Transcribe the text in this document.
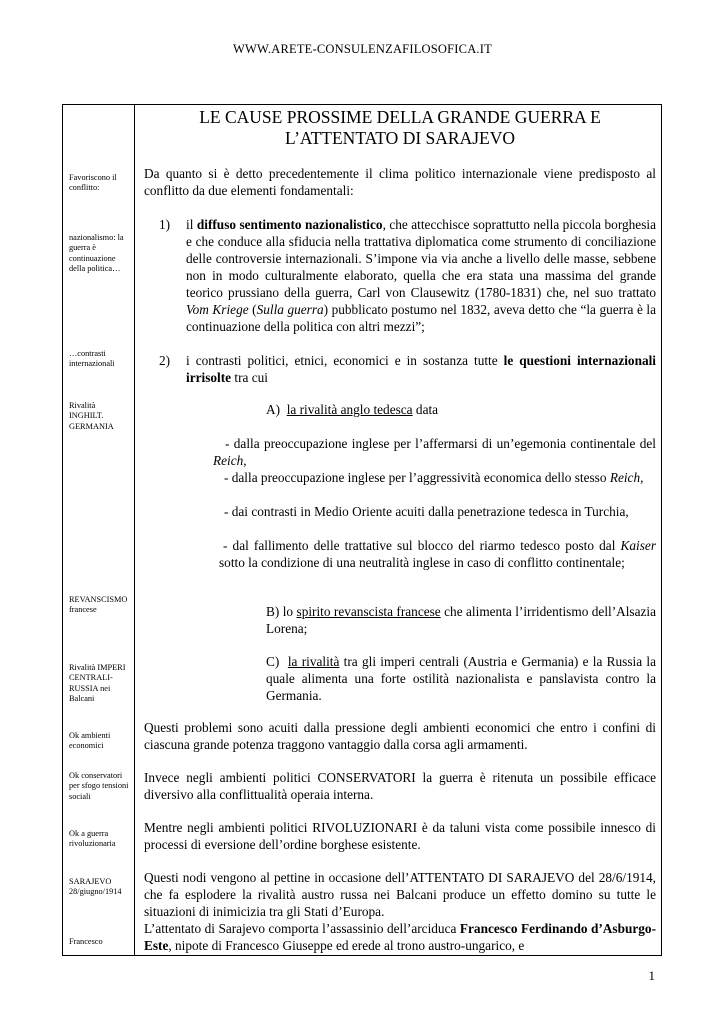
WWW.ARETE-CONSULENZAFILOSOFICA.IT
Favoriscono il conflitto:
nazionalismo: la guerra è continuazione della politica…
…contrasti internazionali
Rivalità INGHILT. GERMANIA
REVANSCISMO francese
Rivalità IMPERI CENTRALI-RUSSIA nei Balcani
Ok ambienti economici
Ok conservatori per sfogo tensioni sociali
Ok a guerra rivoluzionaria
SARAJEVO 28/giugno/1914
Francesco
LE CAUSE PROSSIME DELLA GRANDE GUERRA E
L’ATTENTATO DI SARAJEVO
Da quanto si è detto precedentemente il clima politico internazionale viene predisposto al conflitto da due elementi fondamentali:
1) il diffuso sentimento nazionalistico, che attecchisce soprattutto nella piccola borghesia e che conduce alla sfiducia nella trattativa diplomatica come strumento di conciliazione delle controversie internazionali. S’impone via via anche a livello delle masse, sebbene non in modo culturalmente elaborato, quella che era stata una massima del grande teorico prussiano della guerra, Carl von Clausewitz (1780-1831) che, nel suo trattato Vom Kriege (Sulla guerra) pubblicato postumo nel 1832, aveva detto che “la guerra è la continuazione della politica con altri mezzi”;
2) i contrasti politici, etnici, economici e in sostanza tutte le questioni internazionali irrisolte tra cui
A) la rivalità anglo tedesca data
- dalla preoccupazione inglese per l’affermarsi di un’egemonia continentale del Reich,
- dalla preoccupazione inglese per l’aggressività economica dello stesso Reich,
- dai contrasti in Medio Oriente acuiti dalla penetrazione tedesca in Turchia,
- dal fallimento delle trattative sul blocco del riarmo tedesco posto dal Kaiser sotto la condizione di una neutralità inglese in caso di conflitto continentale;
B) lo spirito revanscista francese che alimenta l’irridentismo dell’Alsazia Lorena;
C) la rivalità tra gli imperi centrali (Austria e Germania) e la Russia la quale alimenta una forte ostilità nazionalista e panslavista contro la Germania.
Questi problemi sono acuiti dalla pressione degli ambienti economici che entro i confini di ciascuna grande potenza traggono vantaggio dalla corsa agli armamenti.
Invece negli ambienti politici CONSERVATORI la guerra è ritenuta un possibile efficace diversivo alla conflittualità operaia interna.
Mentre negli ambienti politici RIVOLUZIONARI è da taluni vista come possibile innesco di processi di eversione dell’ordine borghese esistente.
Questi nodi vengono al pettine in occasione dell’ATTENTATO DI SARAJEVO del 28/6/1914, che fa esplodere la rivalità austro russa nei Balcani produce un effetto domino su tutte le situazioni di inimicizia tra gli Stati d’Europa.
L’attentato di Sarajevo comporta l’assassinio dell’arciduca Francesco Ferdinando d’Asburgo-Este, nipote di Francesco Giuseppe ed erede al trono austro-ungarico, e
1
